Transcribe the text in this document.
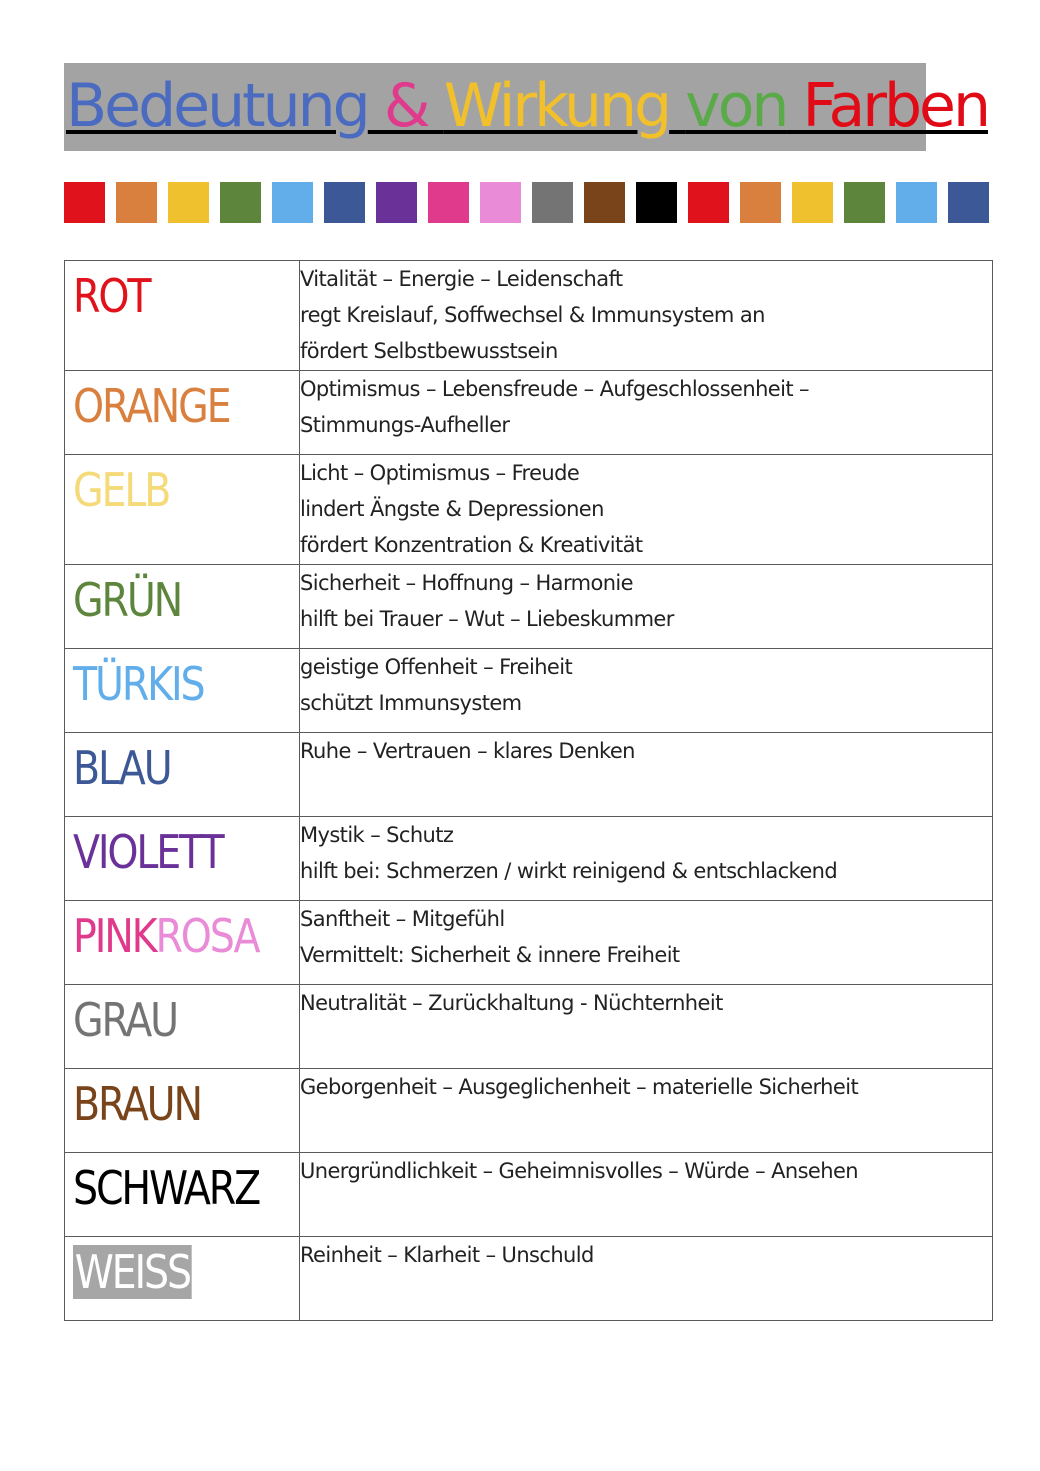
Bedeutung & Wirkung von Farben
ROT	Vitalität – Energie – Leidenschaft
regt Kreislauf, Soffwechsel & Immunsystem an
fördert Selbstbewusstsein

ORANGE	Optimismus – Lebensfreude – Aufgeschlossenheit –
Stimmungs-Aufheller

GELB	Licht – Optimismus – Freude
lindert Ängste & Depressionen
fördert Konzentration & Kreativität

GRÜN	Sicherheit – Hoffnung – Harmonie
hilft bei Trauer – Wut – Liebeskummer

TÜRKIS	geistige Offenheit – Freiheit
schützt Immunsystem

BLAU	Ruhe – Vertrauen – klares Denken

VIOLETT	Mystik – Schutz
hilft bei: Schmerzen / wirkt reinigend & entschlackend

PINKROSA	Sanftheit – Mitgefühl
Vermittelt: Sicherheit & innere Freiheit

GRAU	Neutralität – Zurückhaltung - Nüchternheit

BRAUN	Geborgenheit – Ausgeglichenheit – materielle Sicherheit

SCHWARZ	Unergründlichkeit – Geheimnisvolles – Würde – Ansehen

WEISS	Reinheit – Klarheit – Unschuld
